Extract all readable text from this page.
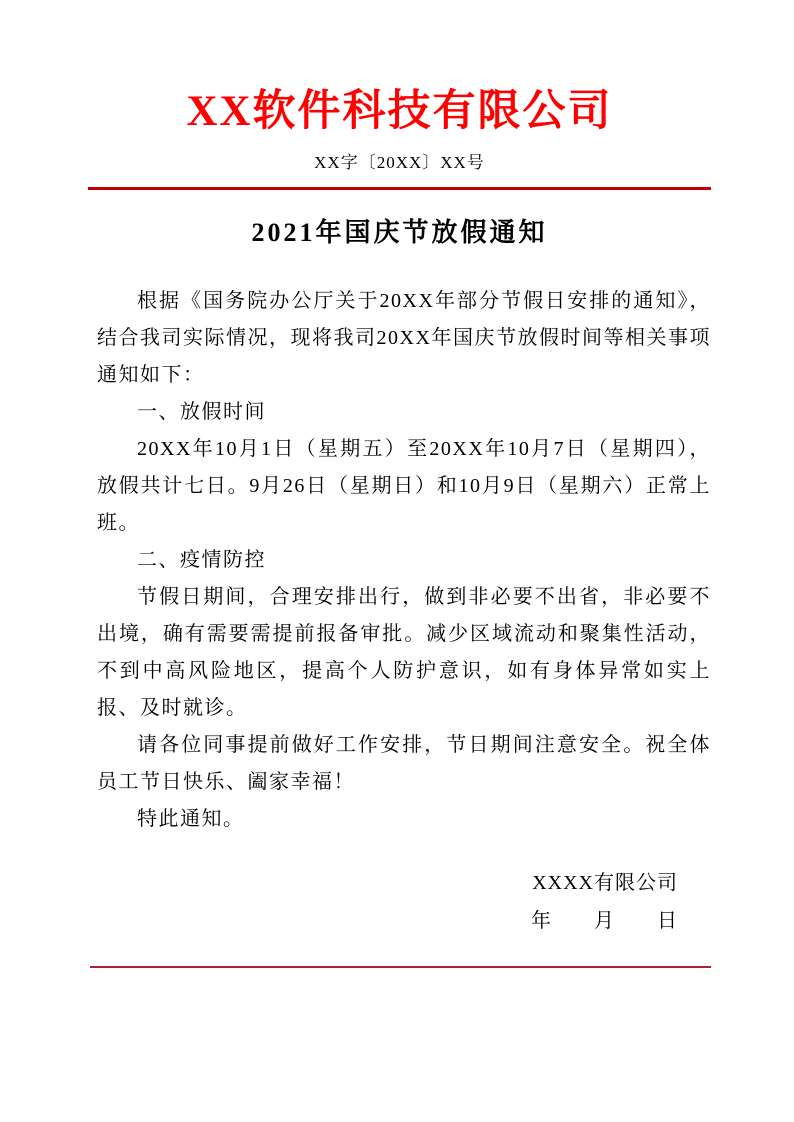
XX软件科技有限公司
XX字〔20XX〕XX号
2021年国庆节放假通知

根据《国务院办公厅关于20XX年部分节假日安排的通知》，结合我司实际情况，现将我司20XX年国庆节放假时间等相关事项通知如下：

一、放假时间

20XX年10月1日（星期五）至20XX年10月7日（星期四），放假共计七日。9月26日（星期日）和10月9日（星期六）正常上班。

二、疫情防控

节假日期间，合理安排出行，做到非必要不出省，非必要不出境，确有需要需提前报备审批。减少区域流动和聚集性活动，不到中高风险地区，提高个人防护意识，如有身体异常如实上报、及时就诊。

请各位同事提前做好工作安排，节日期间注意安全。祝全体员工节日快乐、阖家幸福！

特此通知。

XXXX有限公司
年　　月　　日
